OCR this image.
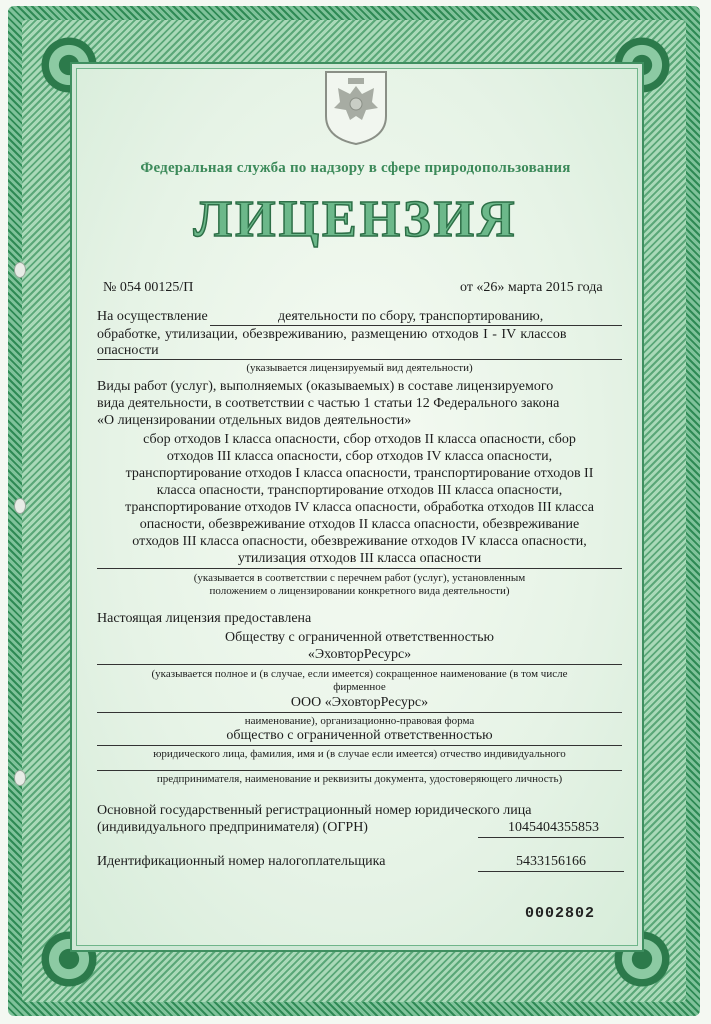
Федеральная служба по надзору в сфере природопользования
ЛИЦЕНЗИЯ
№ 054 00125/П	от «26» марта 2015 года
На осуществление	деятельности по сбору, транспортированию,
обработке, утилизации, обезвреживанию, размещению отходов I - IV классов
опасности
(указывается лицензируемый вид деятельности)
Виды работ (услуг), выполняемых (оказываемых) в составе лицензируемого
вида деятельности, в соответствии с частью 1 статьи 12 Федерального закона
«О лицензировании отдельных видов деятельности»
сбор отходов I класса опасности, сбор отходов II класса опасности, сбор
отходов III класса опасности, сбор отходов IV класса опасности,
транспортирование отходов I класса опасности, транспортирование отходов II
класса опасности, транспортирование отходов III класса опасности,
транспортирование отходов IV класса опасности, обработка отходов III класса
опасности, обезвреживание отходов II класса опасности, обезвреживание
отходов III класса опасности, обезвреживание отходов IV класса опасности,
утилизация отходов III класса опасности
(указывается в соответствии с перечнем работ (услуг), установленным
положением о лицензировании конкретного вида деятельности)
Настоящая лицензия предоставлена
Обществу с ограниченной ответственностью
«ЭховторРесурс»
(указывается полное и (в случае, если имеется) сокращенное наименование (в том числе
фирменное
ООО «ЭховторРесурс»
наименование), организационно-правовая форма
общество с ограниченной ответственностью
юридического лица, фамилия, имя и (в случае если имеется) отчество индивидуального
предпринимателя, наименование и реквизиты документа, удостоверяющего личность)
Основной государственный регистрационный номер юридического лица
(индивидуального предпринимателя) (ОГРН)	1045404355853
Идентификационный номер налогоплательщика	5433156166
0002802
